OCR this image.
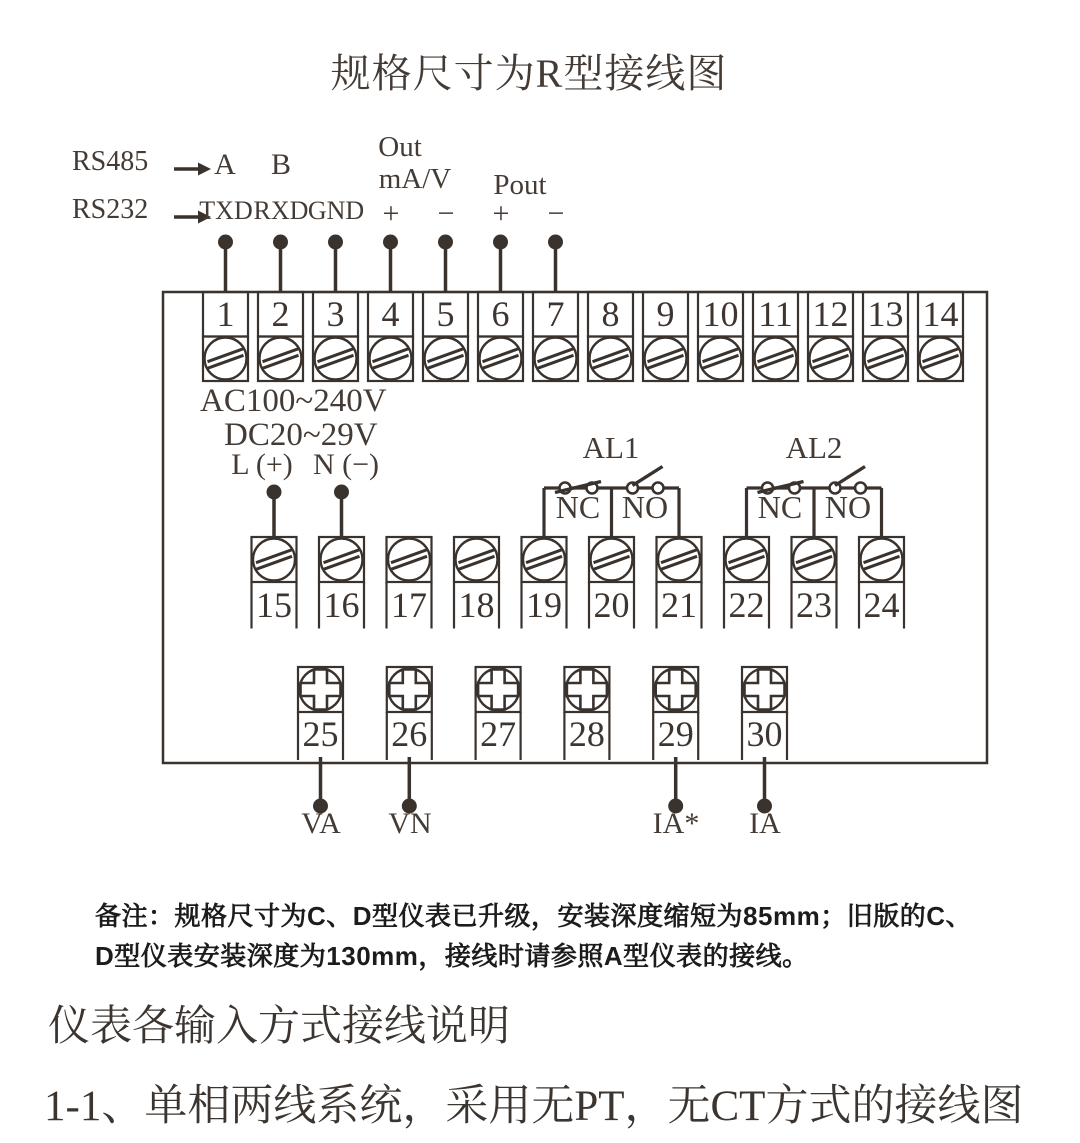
规格尺寸为R型接线图
RS485
RS232
A B
TXD RXD GND
Out
mA/V Pout
+ − + −
AC100~240V
DC20~29V
L (+) N (−)	AL1	AL2
NC NO	NC NO
VA VN	IA* IA
1	2	3	4	5	6	7	8	9 10 11 12 13 14
15 16 17 18 19 20 21 22 23 24
25 26 27 28 29 30
备注：规格尺寸为C、D型仪表已升级，安装深度缩短为85mm；旧版的C、
D型仪表安装深度为130mm，接线时请参照A型仪表的接线。
仪表各输入方式接线说明
1-1、单相两线系统，采用无PT，无CT方式的接线图
